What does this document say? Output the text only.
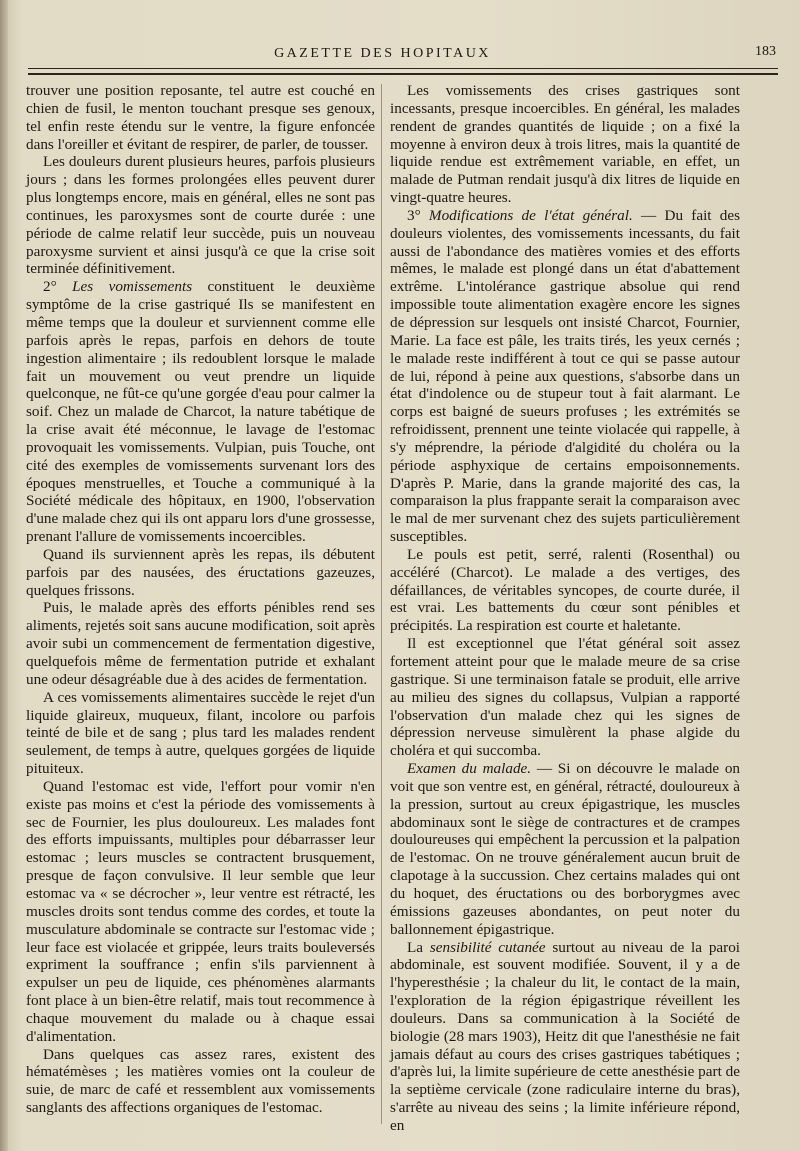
GAZETTE DES HOPITAUX	183

trouver une position reposante, tel autre est couché en chien de fusil, le menton touchant presque ses genoux, tel enfin reste étendu sur le ventre, la figure enfoncée dans l'oreiller et évitant de respirer, de parler, de tousser.

Les douleurs durent plusieurs heures, parfois plusieurs jours ; dans les formes prolongées elles peuvent durer plus longtemps encore, mais en général, elles ne sont pas continues, les paroxysmes sont de courte durée : une période de calme relatif leur succède, puis un nouveau paroxysme survient et ainsi jusqu'à ce que la crise soit terminée définitivement.

2° Les vomissements constituent le deuxième symptôme de la crise gastriqué Ils se manifestent en même temps que la douleur et surviennent comme elle parfois après le repas, parfois en dehors de toute ingestion alimentaire ; ils redoublent lorsque le malade fait un mouvement ou veut prendre un liquide quelconque, ne fût-ce qu'une gorgée d'eau pour calmer la soif. Chez un malade de Charcot, la nature tabétique de la crise avait été méconnue, le lavage de l'estomac provoquait les vomissements. Vulpian, puis Touche, ont cité des exemples de vomissements survenant lors des époques menstruelles, et Touche a communiqué à la Société médicale des hôpitaux, en 1900, l'observation d'une malade chez qui ils ont apparu lors d'une grossesse, prenant l'allure de vomissements incoercibles.

Quand ils surviennent après les repas, ils débutent parfois par des nausées, des éructations gazeuzes, quelques frissons.

Puis, le malade après des efforts pénibles rend ses aliments, rejetés soit sans aucune modification, soit après avoir subi un commencement de fermentation digestive, quelquefois même de fermentation putride et exhalant une odeur désagréable due à des acides de fermentation.

A ces vomissements alimentaires succède le rejet d'un liquide glaireux, muqueux, filant, incolore ou parfois teinté de bile et de sang ; plus tard les malades rendent seulement, de temps à autre, quelques gorgées de liquide pituiteux.

Quand l'estomac est vide, l'effort pour vomir n'en existe pas moins et c'est la période des vomissements à sec de Fournier, les plus douloureux. Les malades font des efforts impuissants, multiples pour débarrasser leur estomac ; leurs muscles se contractent brusquement, presque de façon convulsive. Il leur semble que leur estomac va « se décrocher », leur ventre est rétracté, les muscles droits sont tendus comme des cordes, et toute la musculature abdominale se contracte sur l'estomac vide ; leur face est violacée et grippée, leurs traits bouleversés expriment la souffrance ; enfin s'ils parviennent à expulser un peu de liquide, ces phénomènes alarmants font place à un bien-être relatif, mais tout recommence à chaque mouvement du malade ou à chaque essai d'alimentation.

Dans quelques cas assez rares, existent des hématémèses ; les matières vomies ont la couleur de suie, de marc de café et ressemblent aux vomissements sanglants des affections organiques de l'estomac.

Les vomissements des crises gastriques sont incessants, presque incoercibles. En général, les malades rendent de grandes quantités de liquide ; on a fixé la moyenne à environ deux à trois litres, mais la quantité de liquide rendue est extrêmement variable, en effet, un malade de Putman rendait jusqu'à dix litres de liquide en vingt-quatre heures.

3° Modifications de l'état général. — Du fait des douleurs violentes, des vomissements incessants, du fait aussi de l'abondance des matières vomies et des efforts mêmes, le malade est plongé dans un état d'abattement extrême. L'intolérance gastrique absolue qui rend impossible toute alimentation exagère encore les signes de dépression sur lesquels ont insisté Charcot, Fournier, Marie. La face est pâle, les traits tirés, les yeux cernés ; le malade reste indifférent à tout ce qui se passe autour de lui, répond à peine aux questions, s'absorbe dans un état d'indolence ou de stupeur tout à fait alarmant. Le corps est baigné de sueurs profuses ; les extrémités se refroidissent, prennent une teinte violacée qui rappelle, à s'y méprendre, la période d'algidité du choléra ou la période asphyxique de certains empoisonnements. D'après P. Marie, dans la grande majorité des cas, la comparaison la plus frappante serait la comparaison avec le mal de mer survenant chez des sujets particulièrement susceptibles.

Le pouls est petit, serré, ralenti (Rosenthal) ou accéléré (Charcot). Le malade a des vertiges, des défaillances, de véritables syncopes, de courte durée, il est vrai. Les battements du cœur sont pénibles et précipités. La respiration est courte et haletante.

Il est exceptionnel que l'état général soit assez fortement atteint pour que le malade meure de sa crise gastrique. Si une terminaison fatale se produit, elle arrive au milieu des signes du collapsus, Vulpian a rapporté l'observation d'un malade chez qui les signes de dépression nerveuse simulèrent la phase algide du choléra et qui succomba.

Examen du malade. — Si on découvre le malade on voit que son ventre est, en général, rétracté, douloureux à la pression, surtout au creux épigastrique, les muscles abdominaux sont le siège de contractures et de crampes douloureuses qui empêchent la percussion et la palpation de l'estomac. On ne trouve généralement aucun bruit de clapotage à la succussion. Chez certains malades qui ont du hoquet, des éructations ou des borborygmes avec émissions gazeuses abondantes, on peut noter du ballonnement épigastrique.

La sensibilité cutanée surtout au niveau de la paroi abdominale, est souvent modifiée. Souvent, il y a de l'hyperesthésie ; la chaleur du lit, le contact de la main, l'exploration de la région épigastrique réveillent les douleurs. Dans sa communication à la Société de biologie (28 mars 1903), Heitz dit que l'anesthésie ne fait jamais défaut au cours des crises gastriques tabétiques ; d'après lui, la limite supérieure de cette anesthésie part de la septième cervicale (zone radiculaire interne du bras), s'arrête au niveau des seins ; la limite inférieure répond, en
